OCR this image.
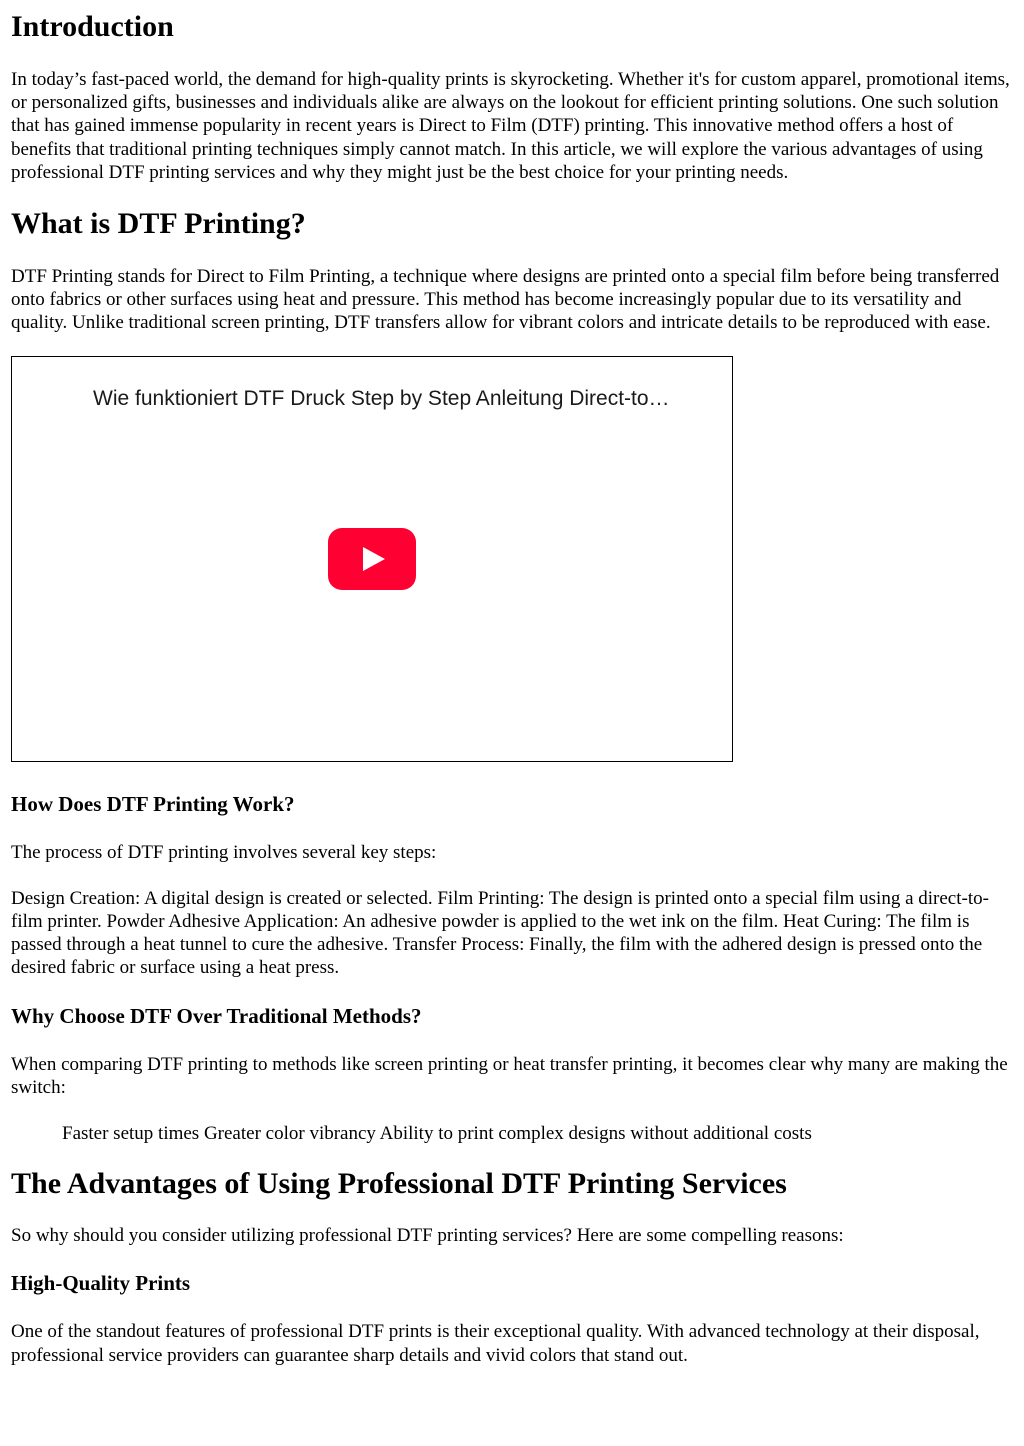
Introduction

In today’s fast-paced world, the demand for high-quality prints is skyrocketing. Whether it's for custom apparel, promotional items, or personalized gifts, businesses and individuals alike are always on the lookout for efficient printing solutions. One such solution that has gained immense popularity in recent years is Direct to Film (DTF) printing. This innovative method offers a host of benefits that traditional printing techniques simply cannot match. In this article, we will explore the various advantages of using professional DTF printing services and why they might just be the best choice for your printing needs.

What is DTF Printing?

DTF Printing stands for Direct to Film Printing, a technique where designs are printed onto a special film before being transferred onto fabrics or other surfaces using heat and pressure. This method has become increasingly popular due to its versatility and quality. Unlike traditional screen printing, DTF transfers allow for vibrant colors and intricate details to be reproduced with ease.

Wie funktioniert DTF Druck Step by Step Anleitung Direct-to…
How Does DTF Printing Work?

The process of DTF printing involves several key steps:

Design Creation: A digital design is created or selected. Film Printing: The design is printed onto a special film using a direct-to-film printer. Powder Adhesive Application: An adhesive powder is applied to the wet ink on the film. Heat Curing: The film is passed through a heat tunnel to cure the adhesive. Transfer Process: Finally, the film with the adhered design is pressed onto the desired fabric or surface using a heat press.

Why Choose DTF Over Traditional Methods?

When comparing DTF printing to methods like screen printing or heat transfer printing, it becomes clear why many are making the switch:

Faster setup times Greater color vibrancy Ability to print complex designs without additional costs

The Advantages of Using Professional DTF Printing Services

So why should you consider utilizing professional DTF printing services? Here are some compelling reasons:

High-Quality Prints

One of the standout features of professional DTF prints is their exceptional quality. With advanced technology at their disposal, professional service providers can guarantee sharp details and vivid colors that stand out.
